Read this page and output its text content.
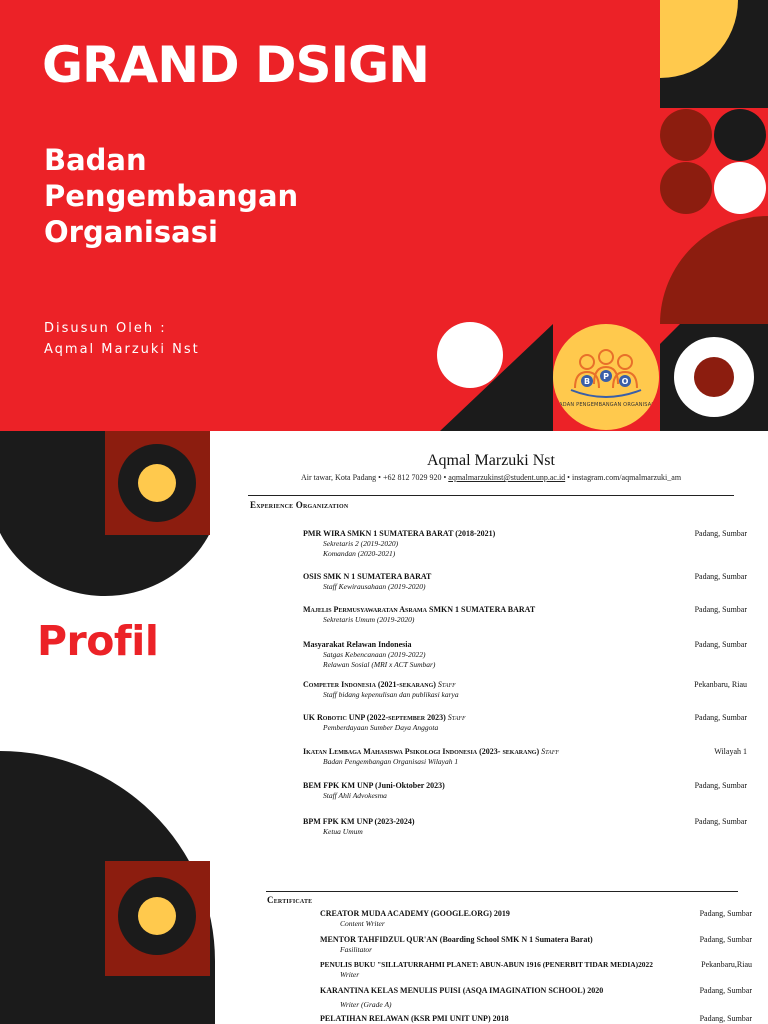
GRAND DSIGN
Badan
Pengembangan
Organisasi
Disusun Oleh :
Aqmal Marzuki Nst
B
P
O
BADAN PENGEMBANGAN ORGANISASI
Profil
Aqmal Marzuki Nst
Air tawar, Kota Padang • +62 812 7029 920 • aqmalmarzukinst@student.unp.ac.id • instagram.com/aqmalmarzuki_am
Experience Organization
PMR WIRA SMKN 1 SUMATERA BARAT (2018-2021)	Padang, Sumbar
Sekretaris 2 (2019-2020)
Komandan (2020-2021)
OSIS SMK N 1 SUMATERA BARAT	Padang, Sumbar
Staff Kewirausahaan (2019-2020)
Majelis Permusyawaratan Asrama SMKN 1 SUMATERA BARAT	Padang, Sumbar
Sekretaris Umum (2019-2020)
Masyarakat Relawan Indonesia	Padang, Sumbar
Satgas Kebencanaan (2019-2022)
Relawan Sosial (MRI x ACT Sumbar)
Competer Indonesia (2021-sekarang) Staff	Pekanbaru, Riau
Staff bidang kepenulisan dan publikasi karya
UK Robotic UNP (2022-september 2023) Staff	Padang, Sumbar
Pemberdayaan Sumber Daya Anggota
Ikatan Lembaga Mahasiswa Psikologi Indonesia (2023- sekarang) Staff	Wilayah 1
Badan Pengembangan Organisasi Wilayah 1
BEM FPK KM UNP (Juni-Oktober 2023)	Padang, Sumbar
Staff Ahli Advokesma
BPM FPK KM UNP (2023-2024)	Padang, Sumbar
Ketua Umum
Certificate
CREATOR MUDA ACADEMY (GOOGLE.ORG) 2019	Padang, Sumbar
Content Writer
MENTOR TAHFIDZUL QUR'AN (Boarding School SMK N 1 Sumatera Barat)	Padang, Sumbar
Fasilitator
PENULIS BUKU "SILLATURRAHMI PLANET: ABUN-ABUN 1916 (PENERBIT TIDAR MEDIA)2022	Pekanbaru,Riau
Writer
KARANTINA KELAS MENULIS PUISI (ASQA IMAGINATION SCHOOL) 2020	Padang, Sumbar
Writer (Grade A)
PELATIHAN RELAWAN (KSR PMI UNIT UNP) 2018	Padang, Sumbar
